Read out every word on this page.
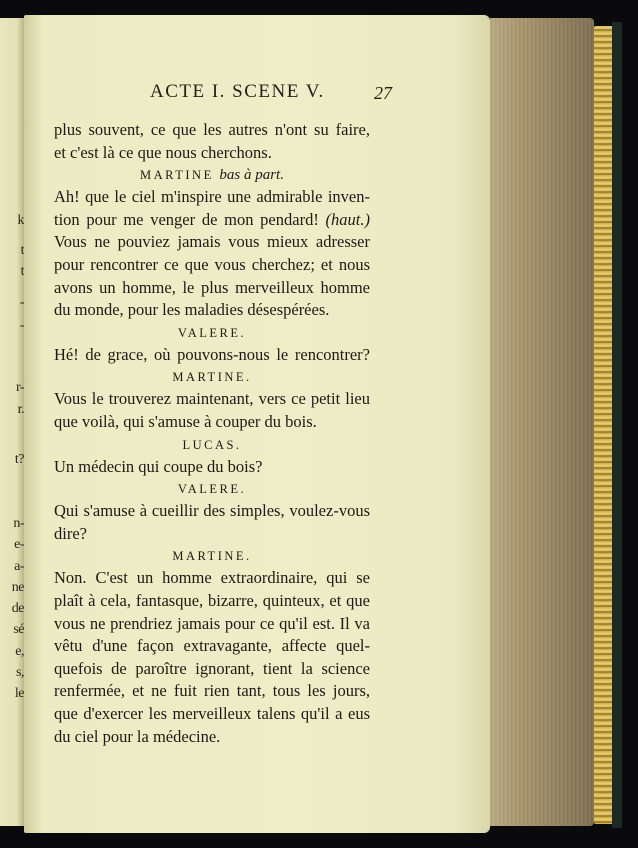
k
t
t
-
-
r-
r.
t?
n-
e-
a-
ne
de
sé
e,
s,
le
ACTE I. SCENE V.	27
plus souvent, ce que les autres n'ont su faire,
et c'est là ce que nous cherchons.
MARTINE bas à part.
Ah! que le ciel m'inspire une admirable inven-
tion pour me venger de mon pendard! (haut.)
Vous ne pouviez jamais vous mieux adresser
pour rencontrer ce que vous cherchez; et nous
avons un homme, le plus merveilleux homme
du monde, pour les maladies désespérées.
VALERE.
Hé! de grace, où pouvons-nous le rencontrer?
MARTINE.
Vous le trouverez maintenant, vers ce petit lieu
que voilà, qui s'amuse à couper du bois.
LUCAS.
Un médecin qui coupe du bois?
VALERE.
Qui s'amuse à cueillir des simples, voulez-vous
dire?
MARTINE.
Non. C'est un homme extraordinaire, qui se
plaît à cela, fantasque, bizarre, quinteux, et que
vous ne prendriez jamais pour ce qu'il est. Il va
vêtu d'une façon extravagante, affecte quel-
quefois de paroître ignorant, tient la science
renfermée, et ne fuit rien tant, tous les jours,
que d'exercer les merveilleux talens qu'il a eus
du ciel pour la médecine.
